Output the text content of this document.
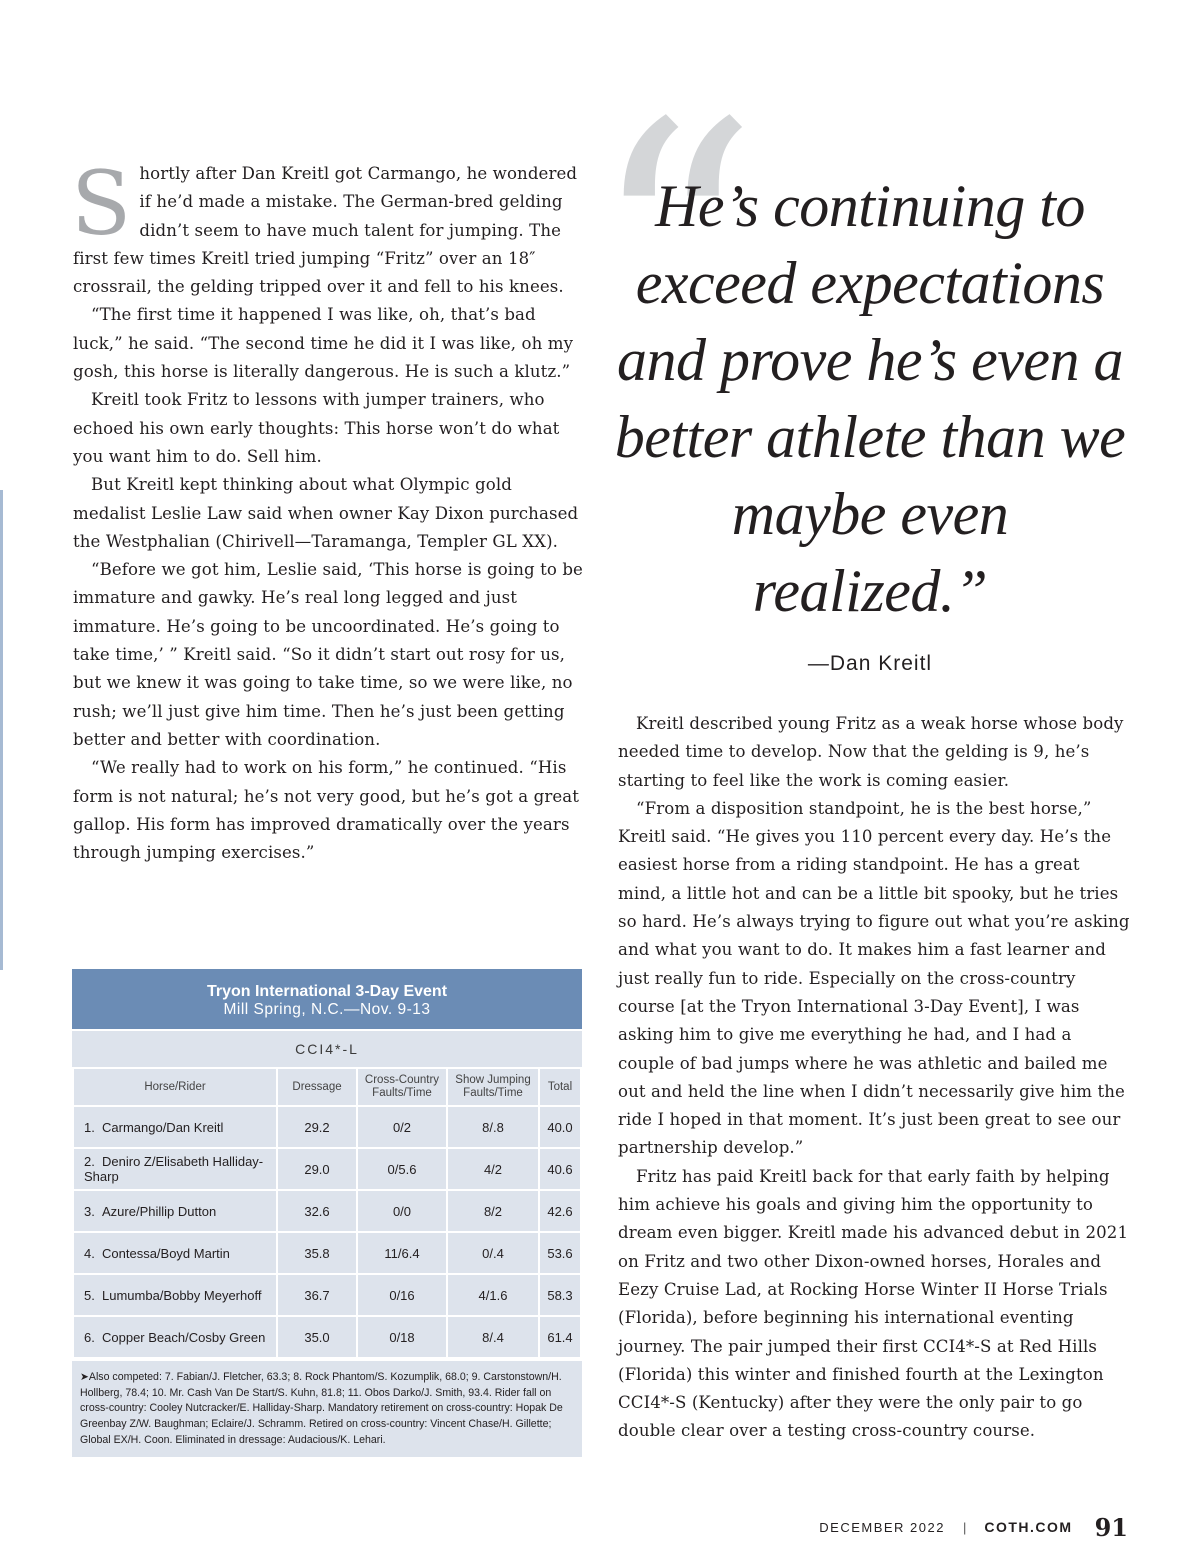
Shortly after Dan Kreitl got Carmango, he wondered if he’d made a mistake. The German-bred gelding didn’t seem to have much talent for jumping. The first few times Kreitl tried jumping “Fritz” over an 18″ crossrail, the gelding tripped over it and fell to his knees.

“The first time it happened I was like, oh, that’s bad luck,” he said. “The second time he did it I was like, oh my gosh, this horse is literally dangerous. He is such a klutz.”

Kreitl took Fritz to lessons with jumper trainers, who echoed his own early thoughts: This horse won’t do what you want him to do. Sell him.

But Kreitl kept thinking about what Olympic gold medalist Leslie Law said when owner Kay Dixon purchased the Westphalian (Chirivell—Taramanga, Templer GL XX).

“Before we got him, Leslie said, ‘This horse is going to be immature and gawky. He’s real long legged and just immature. He’s going to be uncoordinated. He’s going to take time,’ ” Kreitl said. “So it didn’t start out rosy for us, but we knew it was going to take time, so we were like, no rush; we’ll just give him time. Then he’s just been getting better and better with coordination.

“We really had to work on his form,” he continued. “His form is not natural; he’s not very good, but he’s got a great gallop. His form has improved dramatically over the years through jumping exercises.”

“

He’s continuing to exceed expectations and prove he’s even a better athlete than we maybe even realized.”

—Dan Kreitl

Kreitl described young Fritz as a weak horse whose body needed time to develop. Now that the gelding is 9, he’s starting to feel like the work is coming easier.

“From a disposition standpoint, he is the best horse,” Kreitl said. “He gives you 110 percent every day. He’s the easiest horse from a riding standpoint. He has a great mind, a little hot and can be a little bit spooky, but he tries so hard. He’s always trying to figure out what you’re asking and what you want to do. It makes him a fast learner and just really fun to ride. Especially on the cross-country course [at the Tryon International 3-Day Event], I was asking him to give me everything he had, and I had a couple of bad jumps where he was athletic and bailed me out and held the line when I didn’t necessarily give him the ride I hoped in that moment. It’s just been great to see our partnership develop.”

Fritz has paid Kreitl back for that early faith by helping him achieve his goals and giving him the opportunity to dream even bigger. Kreitl made his advanced debut in 2021 on Fritz and two other Dixon-owned horses, Horales and Eezy Cruise Lad, at Rocking Horse Winter II Horse Trials (Florida), before beginning his international eventing journey. The pair jumped their first CCI4*-S at Red Hills (Florida) this winter and finished fourth at the Lexington CCI4*-S (Kentucky) after they were the only pair to go double clear over a testing cross-country course.

Tryon International 3-Day Event
Mill Spring, N.C.—Nov. 9-13
CCI4*-L
Horse/Rider	Dressage	Cross-Country Faults/Time	Show Jumping Faults/Time	Total
1. Carmango/Dan Kreitl	29.2	0/2	8/.8	40.0
2. Deniro Z/Elisabeth Halliday-Sharp	29.0	0/5.6	4/2	40.6
3. Azure/Phillip Dutton	32.6	0/0	8/2	42.6
4. Contessa/Boyd Martin	35.8	11/6.4	0/.4	53.6
5. Lumumba/Bobby Meyerhoff	36.7	0/16	4/1.6	58.3
6. Copper Beach/Cosby Green	35.0	0/18	8/.4	61.4
➤Also competed: 7. Fabian/J. Fletcher, 63.3; 8. Rock Phantom/S. Kozumplik, 68.0; 9. Carstonstown/H. Hollberg, 78.4; 10. Mr. Cash Van De Start/S. Kuhn, 81.8; 11. Obos Darko/J. Smith, 93.4. Rider fall on cross-country: Cooley Nutcracker/E. Halliday-Sharp. Mandatory retirement on cross-country: Hopak De Greenbay Z/W. Baughman; Eclaire/J. Schramm. Retired on cross-country: Vincent Chase/H. Gillette; Global EX/H. Coon. Eliminated in dressage: Audacious/K. Lehari.
DECEMBER 2022 | COTH.COM 91
